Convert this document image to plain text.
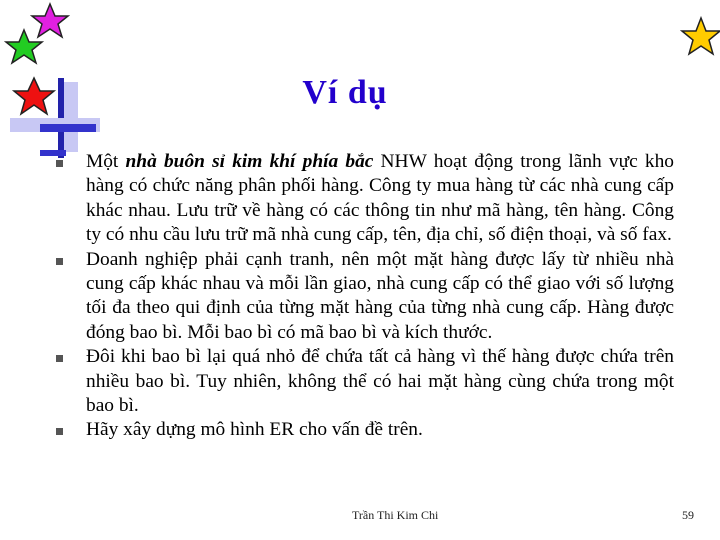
Ví dụ
Một nhà buôn sỉ kim khí phía bắc NHW hoạt động trong lãnh vực kho hàng có chức năng phân phối hàng. Công ty mua hàng từ các nhà cung cấp khác nhau. Lưu trữ về hàng có các thông tin như mã hàng, tên hàng. Công ty có nhu cầu lưu trữ mã nhà cung cấp, tên, địa chỉ, số điện thoại, và số fax.
Doanh nghiệp phải cạnh tranh, nên một mặt hàng được lấy từ nhiều nhà cung cấp khác nhau và mỗi lần giao, nhà cung cấp có thể giao với số lượng tối đa theo qui định của từng mặt hàng của từng nhà cung cấp. Hàng được đóng bao bì. Mỗi bao bì có mã bao bì và kích thước.
Đôi khi bao bì lại quá nhỏ để chứa tất cả hàng vì thế hàng được chứa trên nhiều bao bì. Tuy nhiên, không thể có hai mặt hàng cùng chứa trong một bao bì.
Hãy xây dựng mô hình ER cho vấn đề trên.
Trần Thi Kim Chi	59
